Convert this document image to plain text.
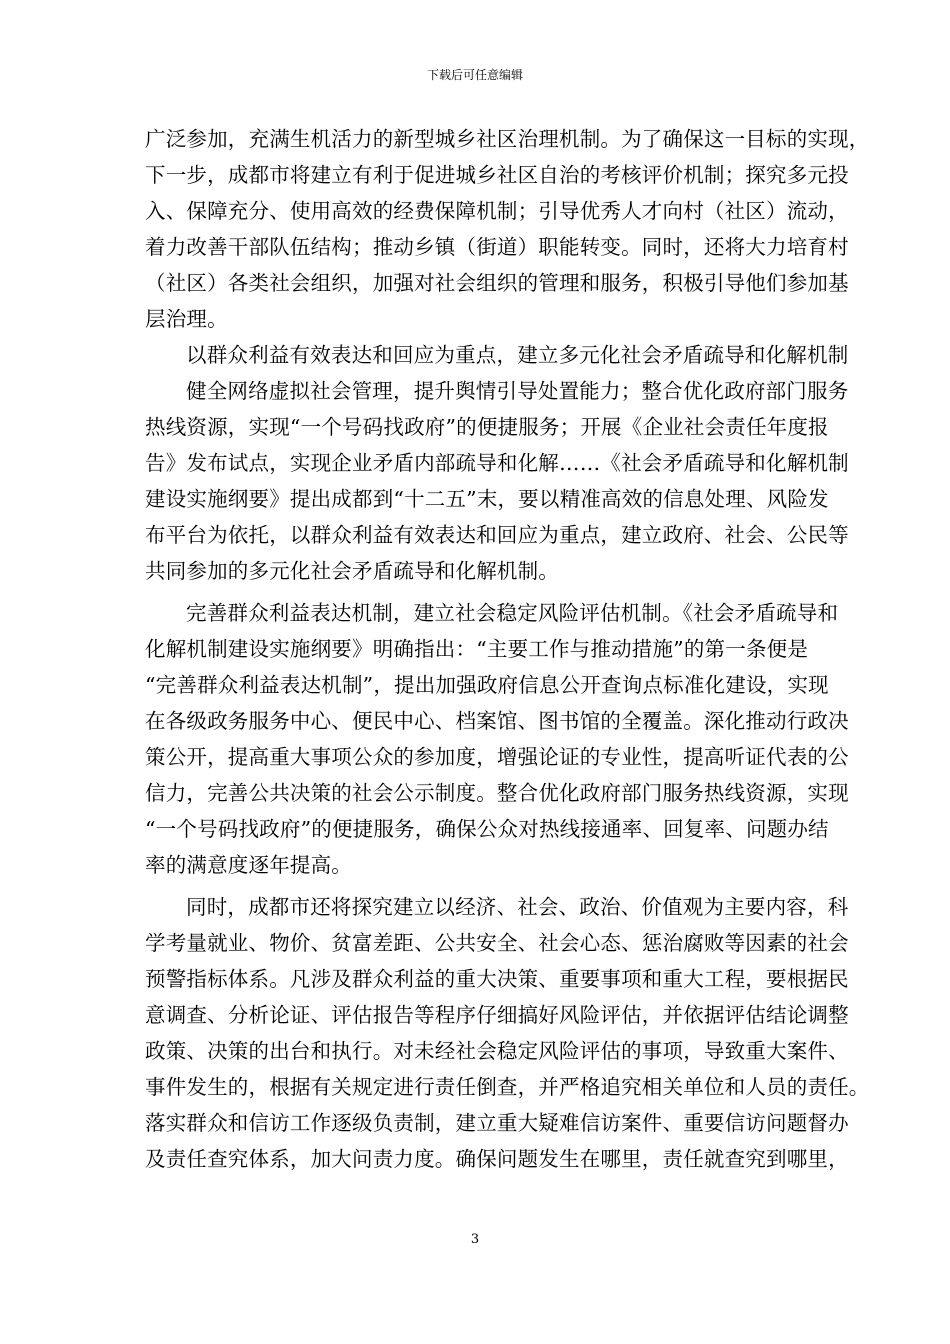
下载后可任意编辑
广泛参加，充满生机活力的新型城乡社区治理机制。为了确保这一目标的实现，
下一步，成都市将建立有利于促进城乡社区自治的考核评价机制；探究多元投
入、保障充分、使用高效的经费保障机制；引导优秀人才向村（社区）流动，
着力改善干部队伍结构；推动乡镇（街道）职能转变。同时，还将大力培育村
（社区）各类社会组织，加强对社会组织的管理和服务，积极引导他们参加基
层治理。
以群众利益有效表达和回应为重点，建立多元化社会矛盾疏导和化解机制
健全网络虚拟社会管理，提升舆情引导处置能力；整合优化政府部门服务
热线资源，实现“一个号码找政府”的便捷服务；开展《企业社会责任年度报
告》发布试点，实现企业矛盾内部疏导和化解……《社会矛盾疏导和化解机制
建设实施纲要》提出成都到“十二五”末，要以精准高效的信息处理、风险发
布平台为依托，以群众利益有效表达和回应为重点，建立政府、社会、公民等
共同参加的多元化社会矛盾疏导和化解机制。
完善群众利益表达机制，建立社会稳定风险评估机制。《社会矛盾疏导和
化解机制建设实施纲要》明确指出：“主要工作与推动措施”的第一条便是
“完善群众利益表达机制”，提出加强政府信息公开查询点标准化建设，实现
在各级政务服务中心、便民中心、档案馆、图书馆的全覆盖。深化推动行政决
策公开，提高重大事项公众的参加度，增强论证的专业性，提高听证代表的公
信力，完善公共决策的社会公示制度。整合优化政府部门服务热线资源，实现
“一个号码找政府”的便捷服务，确保公众对热线接通率、回复率、问题办结
率的满意度逐年提高。
同时，成都市还将探究建立以经济、社会、政治、价值观为主要内容，科
学考量就业、物价、贫富差距、公共安全、社会心态、惩治腐败等因素的社会
预警指标体系。凡涉及群众利益的重大决策、重要事项和重大工程，要根据民
意调查、分析论证、评估报告等程序仔细搞好风险评估，并依据评估结论调整
政策、决策的出台和执行。对未经社会稳定风险评估的事项，导致重大案件、
事件发生的，根据有关规定进行责任倒查，并严格追究相关单位和人员的责任。
落实群众和信访工作逐级负责制，建立重大疑难信访案件、重要信访问题督办
及责任查究体系，加大问责力度。确保问题发生在哪里，责任就查究到哪里，
3
